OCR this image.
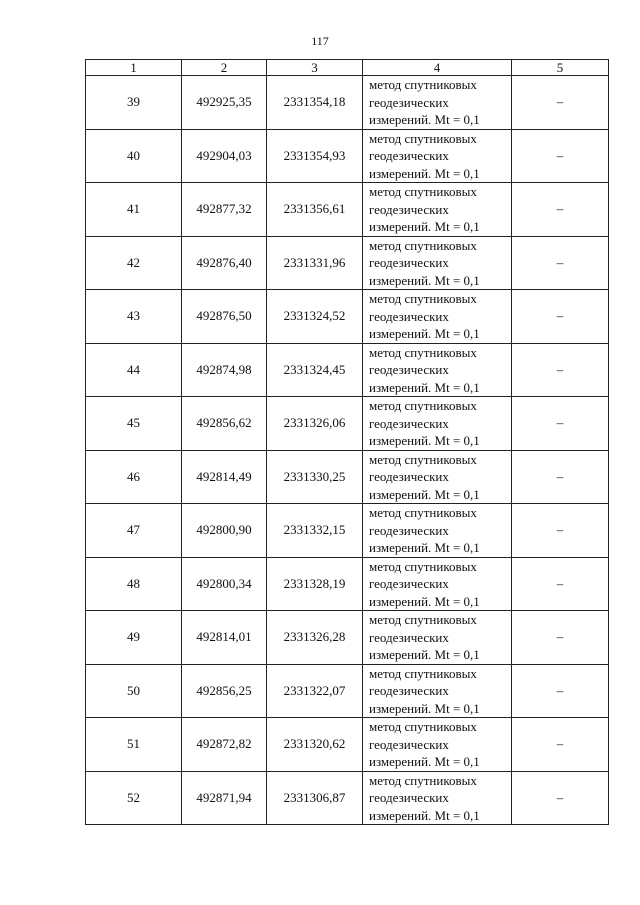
117
1	2	3	4	5
39	492925,35	2331354,18	метод спутниковых
геодезических
измерений. Mt = 0,1	–
40	492904,03	2331354,93	метод спутниковых
геодезических
измерений. Mt = 0,1	–
41	492877,32	2331356,61	метод спутниковых
геодезических
измерений. Mt = 0,1	–
42	492876,40	2331331,96	метод спутниковых
геодезических
измерений. Mt = 0,1	–
43	492876,50	2331324,52	метод спутниковых
геодезических
измерений. Mt = 0,1	–
44	492874,98	2331324,45	метод спутниковых
геодезических
измерений. Mt = 0,1	–
45	492856,62	2331326,06	метод спутниковых
геодезических
измерений. Mt = 0,1	–
46	492814,49	2331330,25	метод спутниковых
геодезических
измерений. Mt = 0,1	–
47	492800,90	2331332,15	метод спутниковых
геодезических
измерений. Mt = 0,1	–
48	492800,34	2331328,19	метод спутниковых
геодезических
измерений. Mt = 0,1	–
49	492814,01	2331326,28	метод спутниковых
геодезических
измерений. Mt = 0,1	–
50	492856,25	2331322,07	метод спутниковых
геодезических
измерений. Mt = 0,1	–
51	492872,82	2331320,62	метод спутниковых
геодезических
измерений. Mt = 0,1	–
52	492871,94	2331306,87	метод спутниковых
геодезических
измерений. Mt = 0,1	–
